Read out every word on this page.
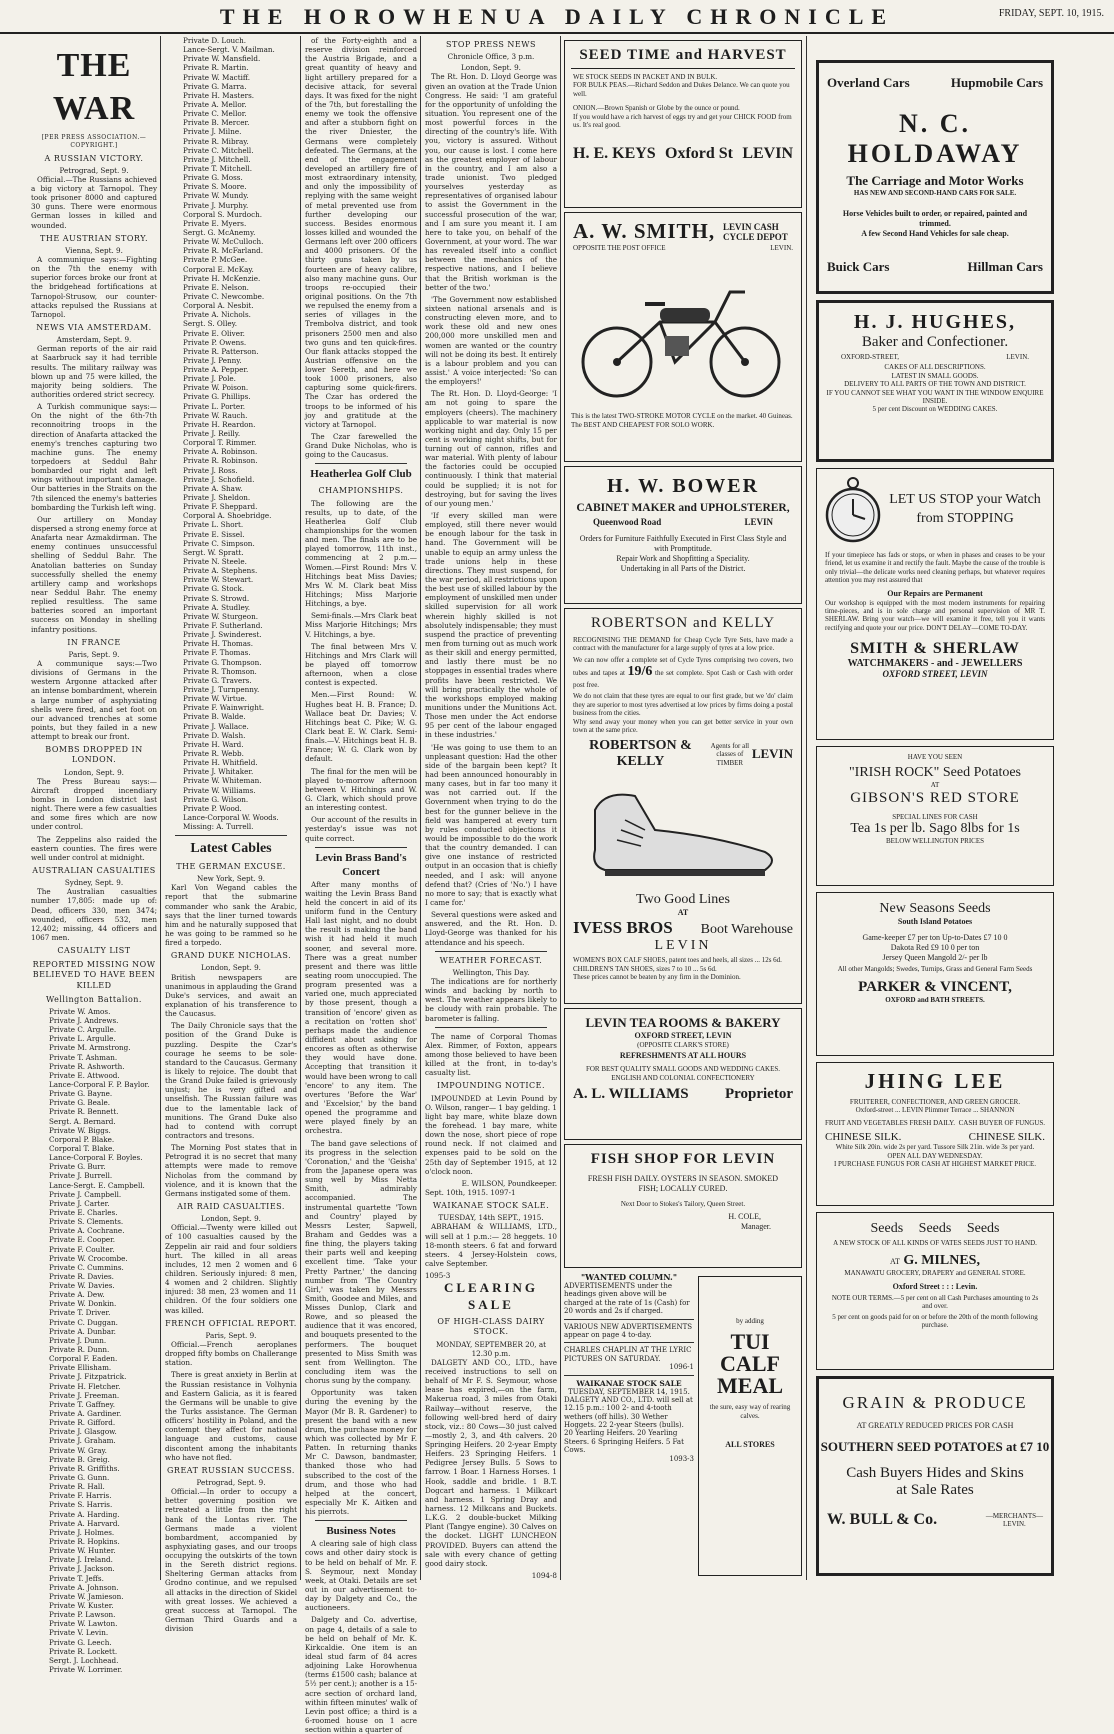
THE HOROWHENUA DAILY CHRONICLE	FRIDAY, SEPT. 10, 1915.
THE WAR
[PER PRESS ASSOCIATION.—COPYRIGHT.]
A RUSSIAN VICTORY.
Petrograd, Sept. 9.

Official.—The Russians achieved a big victory at Tarnopol. They took prisoner 8000 and captured 30 guns. There were enormous German losses in killed and wounded.

THE AUSTRIAN STORY.
Vienna, Sept. 9.

A communique says:—Fighting on the 7th the enemy with superior forces broke our front at the bridgehead fortifications at Tarnopol-Strusow, our counter-attacks repulsed the Russians at Tarnopol.

NEWS VIA AMSTERDAM.
Amsterdam, Sept. 9.

German reports of the air raid at Saarbruck say it had terrible results. The military railway was blown up and 75 were killed, the majority being soldiers. The authorities ordered strict secrecy.

A Turkish communique says:—On the night of the 6th-7th reconnoitring troops in the direction of Anafarta attacked the enemy's trenches capturing two machine guns. The enemy torpedoers at Seddul Bahr bombarded our right and left wings without important damage. Our batteries in the Straits on the 7th silenced the enemy's batteries bombarding the Turkish left wing.

Our artillery on Monday dispersed a strong enemy force at Anafarta near Azmakdirman. The enemy continues unsuccessful shelling of Seddul Bahr. The Anatolian batteries on Sunday successfully shelled the enemy artillery camp and workshops near Seddul Bahr. The enemy replied resultless. The same batteries scored an important success on Monday in shelling infantry positions.

IN FRANCE
Paris, Sept. 9.

A communique says:—Two divisions of Germans in the western Argonne attacked after an intense bombardment, wherein a large number of asphyxiating shells were fired, and set foot on our advanced trenches at some points, but they failed in a new attempt to break our front.

BOMBS DROPPED IN LONDON.
London, Sept. 9.

The Press Bureau says:—Aircraft dropped incendiary bombs in London district last night. There were a few casualties and some fires which are now under control.

The Zeppelins also raided the eastern counties. The fires were well under control at midnight.

AUSTRALIAN CASUALTIES
Sydney, Sept. 9.

The Australian casualties number 17,805: made up of: Dead, officers 330, men 3474; wounded, officers 532, men 12,402; missing, 44 officers and 1067 men.

CASUALTY LIST
REPORTED MISSING NOW BELIEVED TO HAVE BEEN KILLED
Wellington Battalion.
Private W. Amos.
Private J. Andrews.
Private C. Argulle.
Private L. Argulle.
Private M. Armstrong.
Private T. Ashman.
Private R. Ashworth.
Private E. Attwood.
Lance-Corporal F. P. Baylor.
Private G. Bayne.
Private G. Beale.
Private R. Bennett.
Sergt. A. Bernard.
Private W. Biggs.
Corporal P. Blake.
Corporal T. Blake.
Lance-Corporal F. Boyles.
Private G. Burr.
Private J. Burrell.
Lance-Sergt. E. Campbell.
Private J. Campbell.
Private J. Carter.
Private E. Charles.
Private S. Clements.
Private A. Cochrane.
Private E. Cooper.
Private F. Coulter.
Private W. Crocombe.
Private C. Cummins.
Private R. Davies.
Private W. Davies.
Private A. Dew.
Private W. Donkin.
Private T. Driver.
Private C. Duggan.
Private A. Dunbar.
Private J. Dunn.
Private R. Dunn.
Corporal F. Eaden.
Private Ellisham.
Private J. Fitzpatrick.
Private H. Fletcher.
Private J. Freeman.
Private T. Gaffney.
Private A. Gardiner.
Private R. Gifford.
Private J. Glasgow.
Private J. Graham.
Private W. Gray.
Private B. Greig.
Private R. Griffiths.
Private G. Gunn.
Private R. Hall.
Private F. Harris.
Private S. Harris.
Private A. Harding.
Private A. Harvard.
Private J. Holmes.
Private R. Hopkins.
Private W. Hunter.
Private J. Ireland.
Private J. Jackson.
Private T. Jeffs.
Private A. Johnson.
Private W. Jamieson.
Private W. Kuster.
Private P. Lawson.
Private W. Lawton.
Private V. Levin.
Private G. Leech.
Private R. Lockett.
Sergt. J. Lochhead.
Private W. Lorrimer.
Private D. Louch.
Lance-Sergt. V. Mailman.
Private W. Mansfield.
Private R. Martin.
Private W. Mactiff.
Private G. Marra.
Private H. Masters.
Private A. Mellor.
Private C. Mellor.
Private B. Mercer.
Private J. Milne.
Private R. Mibray.
Private C. Mitchell.
Private J. Mitchell.
Private T. Mitchell.
Private G. Moss.
Private S. Moore.
Private W. Mundy.
Private J. Murphy.
Corporal S. Murdoch.
Private E. Myers.
Sergt. G. McAnemy.
Private W. McCulloch.
Private R. McFarland.
Private P. McGee.
Corporal E. McKay.
Private H. McKenzie.
Private E. Nelson.
Private C. Newcombe.
Corporal A. Nesbit.
Private A. Nichols.
Sergt. S. Olley.
Private E. Oliver.
Private P. Owens.
Private R. Patterson.
Private J. Penny.
Private A. Pepper.
Private J. Pole.
Private W. Poison.
Private G. Phillips.
Private L. Porter.
Private W. Rauch.
Private H. Reardon.
Private J. Reilly.
Corporal T. Rimmer.
Private A. Robinson.
Private R. Robinson.
Private J. Ross.
Private J. Schofield.
Private A. Shaw.
Private J. Sheldon.
Private F. Sheppard.
Corporal A. Shoebridge.
Private L. Short.
Private E. Sissel.
Private C. Simpson.
Sergt. W. Spratt.
Private N. Steele.
Private A. Stephens.
Private W. Stewart.
Private G. Stock.
Private S. Strowd.
Private A. Studley.
Private W. Sturgeon.
Private F. Sutherland.
Private J. Swinderest.
Private H. Thomas.
Private F. Thomas.
Private G. Thompson.
Private R. Thomson.
Private G. Travers.
Private J. Turnpenny.
Private W. Virtue.
Private F. Wainwright.
Private B. Walde.
Private J. Wallace.
Private D. Walsh.
Private H. Ward.
Private R. Webb.
Private H. Whitfield.
Private J. Whitaker.
Private W. Whiteman.
Private W. Williams.
Private G. Wilson.
Private P. Wood.
Lance-Corporal W. Woods.
Missing: A. Turrell.
Latest Cables
THE GERMAN EXCUSE.
New York, Sept. 9.

Karl Von Wegand cables the report that the submarine commander who sank the Arabic, says that the liner turned towards him and he naturally supposed that he was going to be rammed so he fired a torpedo.

GRAND DUKE NICHOLAS.
London, Sept. 9.

British newspapers are unanimous in applauding the Grand Duke's services, and await an explanation of his transference to the Caucasus.

The Daily Chronicle says that the position of the Grand Duke is puzzling. Despite the Czar's courage he seems to be sole-standard to the Caucasus. Germany is likely to rejoice. The doubt that the Grand Duke failed is grievously unjust; he is very gifted and unselfish. The Russian failure was due to the lamentable lack of munitions. The Grand Duke also had to contend with corrupt contractors and tresons.

The Morning Post states that in Petrograd it is no secret that many attempts were made to remove Nicholas from the command by violence, and it is known that the Germans instigated some of them.

AIR RAID CASUALTIES.
London, Sept. 9.

Official.—Twenty were killed out of 100 casualties caused by the Zeppelin air raid and four soldiers hurt. The killed in all areas includes, 12 men 2 women and 6 children. Seriously injured: 8 men, 4 women and 2 children. Slightly injured: 38 men, 23 women and 11 children. Of the four soldiers one was killed.

FRENCH OFFICIAL REPORT.
Paris, Sept. 9.

Official.—French aeroplanes dropped fifty bombs on Challerange station.

There is great anxiety in Berlin at the Russian resistance in Volhynia and Eastern Galicia, as it is feared the Germans will be unable to give the Turks assistance. The German officers' hostility in Poland, and the contempt they affect for national language and customs, cause discontent among the inhabitants who have not fled.

GREAT RUSSIAN SUCCESS.
Petrograd, Sept. 9.

Official.—In order to occupy a better governing position we retreated a little from the right bank of the Lontas river. The Germans made a violent bombardment, accompanied by asphyxiating gases, and our troops occupying the outskirts of the town in the Sereth district regions. Sheltering German attacks from Grodno continue, and we repulsed all attacks in the direction of Skidel with great losses. We achieved a great success at Tarnopol. The German Third Guards and a division

of the Forty-eighth and a reserve division reinforced the Austria Brigade, and a great quantity of heavy and light artillery prepared for a decisive attack, for several days. It was fixed for the night of the 7th, but forestalling the enemy we took the offensive and after a stubborn fight on the river Dniester, the Germans were completely defeated. The Germans, at the end of the engagement developed an artillery fire of most extraordinary intensity, and only the impossibility of replying with the same weight of metal prevented use from further developing our success. Besides enormous losses killed and wounded the Germans left over 200 officers and 4000 prisoners. Of the thirty guns taken by us fourteen are of heavy calibre, also many machine guns. Our troops re-occupied their original positions. On the 7th we repulsed the enemy from a series of villages in the Trembolva district, and took prisoners 2500 men and also two guns and ten quick-fires. Our flank attacks stopped the Austrian offensive on the lower Sereth, and here we took 1000 prisoners, also capturing some quick-firers. The Czar has ordered the troops to be informed of his joy and gratitude at the victory at Tarnopol.

The Czar farewelled the Grand Duke Nicholas, who is going to the Caucasus.

Heatherlea Golf Club
CHAMPIONSHIPS.

The following are the results, up to date, of the Heatherlea Golf Club championships for the women and men. The finals are to be played tomorrow, 11th inst., commencing at 2 p.m.— Women.—First Round: Mrs V. Hitchings beat Miss Davies; Mrs W. M. Clark beat Miss Hitchings; Miss Marjorie Hitchings, a bye.

Semi-finals.—Mrs Clark beat Miss Marjorie Hitchings; Mrs V. Hitchings, a bye.

The final between Mrs V. Hitchings and Mrs Clark will be played off tomorrow afternoon, when a close contest is expected.

Men.—First Round: W. Hughes beat H. B. France; D. Wallace beat Dr. Davies; V. Hitchings beat C. Pike; W. G. Clark beat E. W. Clark. Semi-finals.—V. Hitchings beat H. B. France; W. G. Clark won by default.

The final for the men will be played to-morrow afternoon between V. Hitchings and W. G. Clark, which should prove an interesting contest.

Our account of the results in yesterday's issue was not quite correct.

Levin Brass Band's Concert

After many months of waiting the Levin Brass Band held the concert in aid of its uniform fund in the Century Hall last night, and no doubt the result is making the band wish it had held it much sooner, and several more. There was a great number present and there was little seating room unoccupied. The program presented was a varied one, much appreciated by those present, though a transition of 'encore' given as a recitation on 'rotten shot' perhaps made the audience diffident about asking for encores as often as otherwise they would have done. Accepting that transition it would have been wrong to call 'encore' to any item. The overtures 'Before the War' and 'Excelsior,' by the band opened the programme and were played finely by an orchestra.

The band gave selections of its progress in the selection 'Coronation,' and the 'Geisha' from the Japanese opera was sung well by Miss Netta Smith, admirably accompanied. The instrumental quartette 'Town and Country' played by Messrs Lester, Sapwell, Braham and Geddes was a fine thing, the players taking their parts well and keeping excellent time. 'Take your Pretty Partner,' the dancing number from 'The Country Girl,' was taken by Messrs Smith, Goodee and Miles, and Misses Dunlop, Clark and Rowe, and so pleased the audience that it was encored, and bouquets presented to the performers. The bouquet presented to Miss Smith was sent from Wellington. The concluding item was the chorus sung by the company.

Opportunity was taken during the evening by the Mayor (Mr B. R. Gardener) to present the band with a new drum, the purchase money for which was collected by Mr F. Patten. In returning thanks Mr C. Dawson, bandmaster, thanked those who had subscribed to the cost of the drum, and those who had helped at the concert, especially Mr K. Aitken and his pierrots.

Business Notes

A clearing sale of high class cows and other dairy stock is to be held on behalf of Mr. F. S. Seymour, next Monday week, at Otaki. Details are set out in our advertisement to-day by Dalgety and Co., the auctioneers.

Dalgety and Co. advertise, on page 4, details of a sale to be held on behalf of Mr. K. Kirkcaldie. One item is an ideal stud farm of 84 acres adjoining Lake Horowhenua (terms £1500 cash; balance at 5½ per cent.); another is a 15-acre section of orchard land, within fifteen minutes' walk of Levin post office; a third is a 6-roomed house on 1 acre section within a quarter of

STOP PRESS NEWS
Chronicle Office, 3 p.m.
London, Sept. 9.

The Rt. Hon. D. Lloyd George was given an ovation at the Trade Union Congress. He said: 'I am grateful for the opportunity of unfolding the situation. You represent one of the most powerful forces in the directing of the country's life. With you, victory is assured. Without you, our cause is lost. I come here as the greatest employer of labour in the country, and I am also a trade unionist. Two pledged yourselves yesterday as representatives of organised labour to assist the Government in the successful prosecution of the war, and I am sure you meant it. I am here to take you, on behalf of the Government, at your word. The war has revealed itself into a conflict between the mechanics of the respective nations, and I believe that the British workman is the better of the two.'

'The Government now established sixteen national arsenals and is constructing eleven more, and to work these old and new ones 200,000 more unskilled men and women are wanted or the country will not be doing its best. It entirely is a labour problem and you can assist.' A voice interjected: 'So can the employers!'

The Rt. Hon. D. Lloyd-George: 'I am not going to spare the employers (cheers). The machinery applicable to war material is now working night and day. Only 15 per cent is working night shifts, but for turning out of cannon, rifles and war material. With plenty of labour the factories could be occupied continuously. I think that material could be supplied; it is not for destroying, but for saving the lives of our young men.'

'If every skilled man were employed, still there never would be enough labour for the task in hand. The Government will be unable to equip an army unless the trade unions help in these directions. They must suspend, for the war period, all restrictions upon the best use of skilled labour by the employment of unskilled men under skilled supervision for all work wherein highly skilled is not absolutely indispensable; they must suspend the practice of preventing men from turning out as much work as their skill and energy permitted, and lastly there must be no stoppages in essential trades where profits have been restricted. We will bring practically the whole of the workshops employed making munitions under the Munitions Act. Those men under the Act endorse 95 per cent of the labour engaged in these industries.'

'He was going to use them to an unpleasant question: Had the other side of the bargain been kept? It had been announced honourably in many cases, but in far too many it was not carried out. If the Government when trying to do the best for the gunner believe in the field was hampered at every turn by rules conducted objections it would be impossible to do the work that the country demanded. I can give one instance of restricted output in an occasion that is chiefly needed, and I ask: will anyone defend that? (Cries of 'No.') I have no more to say; that is exactly what I came for.'

Several questions were asked and answered, and the Rt. Hon. D. Lloyd-George was thanked for his attendance and his speech.

WEATHER FORECAST.
Wellington, This Day.

The indications are for northerly winds and backing by north to west. The weather appears likely to be cloudy with rain probable. The barometer is falling.

The name of Corporal Thomas Alex. Rimmer, of Foxton, appears among those believed to have been killed at the front, in to-day's casualty list.

IMPOUNDING NOTICE.

IMPOUNDED at Levin Pound by O. Wilson, ranger— 1 bay gelding. 1 light bay mare, white blaze down the forehead. 1 bay mare, white down the nose, short piece of rope round neck. If not claimed and expenses paid to be sold on the 25th day of September 1915, at 12 o'clock noon.

E. WILSON, Poundkeeper.
Sept. 10th, 1915. 1097-1
WAIKANAE STOCK SALE.
TUESDAY, 14th SEPT., 1915.

ABRAHAM & WILLIAMS, LTD., will sell at 1 p.m.:— 28 heggets. 10 18-month steers. 6 fat and forward steers. 4 Jersey-Holstein cows, calve September.

1095-3
CLEARING SALE
OF HIGH-CLASS DAIRY STOCK.
MONDAY, SEPTEMBER 20, at 12.30 p.m.

DALGETY AND CO., LTD., have received instructions to sell on behalf of Mr F. S. Seymour, whose lease has expired,—on the farm, Makerua road, 3 miles from Otaki Railway—without reserve, the following well-bred herd of dairy stock, viz.: 80 Cows—30 just calved—mostly 2, 3, and 4th calvers. 20 Springing Heifers. 20 2-year Empty Heifers. 23 Springing Heifers. 1 Pedigree Jersey Bulls. 5 Sows to farrow. 1 Boar. 1 Harness Horses. 1 Hook, saddle and bridle. 1 B.T. Dogcart and harness. 1 Milkcart and harness. 1 Spring Dray and harness. 12 Milkcans and Buckets. L.K.G. 2 double-bucket Milking Plant (Tangye engine). 30 Calves on the docket. LIGHT LUNCHEON PROVIDED. Buyers can attend the sale with every chance of getting good dairy stock.

1094-8
SEED TIME and HARVEST
WE STOCK SEEDS IN PACKET AND IN BULK.
FOR BULK PEAS.—Richard Seddon and Dukes Delance. We can quote you well.
ONION.—Brown Spanish or Globe by the ounce or pound.
If you would have a rich harvest of eggs try and get your CHICK FOOD from us. It's real good.
H. E. KEYS Oxford St LEVIN
A. W. SMITH, LEVIN CASH CYCLE DEPOT
OPPOSITE THE POST OFFICE	LEVIN.
This is the latest TWO-STROKE MOTOR CYCLE on the market. 40 Guineas. The BEST AND CHEAPEST FOR SOLO WORK.
H. W. BOWER
CABINET MAKER and UPHOLSTERER,
Queenwood Road	LEVIN
Orders for Furniture Faithfully Executed in First Class Style and with Promptitude.
Repair Work and Shopfitting a Speciality.
Undertaking in all Parts of the District.
ROBERTSON and KELLY
RECOGNISING THE DEMAND for Cheap Cycle Tyre Sets, have made a contract with the manufacturer for a large supply of tyres at a low price.
We can now offer a complete set of Cycle Tyres comprising two covers, two tubes and tapes at 19/6 the set complete. Spot Cash or Cash with order post free.
We do not claim that these tyres are equal to our first grade, but we 'do' claim they are superior to most tyres advertised at low prices by firms doing a postal business from the cities.
Why send away your money when you can get better service in your own town at the same price.
ROBERTSON & KELLY
Agents for all classes of TIMBER
LEVIN
Two Good Lines
AT
IVESS BROS Boot Warehouse
LEVIN
WOMEN'S BOX CALF SHOES, patent toes and heels, all sizes ... 12s 6d.
CHILDREN'S TAN SHOES, sizes 7 to 10 ... 5s 6d.
These prices cannot be beaten by any firm in the Dominion.
LEVIN TEA ROOMS & BAKERY
OXFORD STREET, LEVIN
(OPPOSITE CLARK'S STORE)
REFRESHMENTS AT ALL HOURS
FOR BEST QUALITY SMALL GOODS AND WEDDING CAKES. ENGLISH AND COLONIAL CONFECTIONERY
A. L. WILLIAMS Proprietor
FISH SHOP FOR LEVIN
FRESH FISH DAILY. OYSTERS IN SEASON. SMOKED FISH; LOCALLY CURED.
Next Door to Stokes's Tailory, Queen Street.
H. COLE,
Manager.
"WANTED COLUMN."
ADVERTISEMENTS under the headings given above will be charged at the rate of 1s (Cash) for 20 words and 2s if charged.
VARIOUS NEW ADVERTISEMENTS appear on page 4 to-day.
CHARLES CHAPLIN AT THE LYRIC PICTURES ON SATURDAY.
1096-1
WAIKANAE STOCK SALE
TUESDAY, SEPTEMBER 14, 1915.
DALGETY AND CO., LTD. will sell at 12.15 p.m.: 100 2- and 4-tooth wethers (off hills). 30 Wether Hoggets. 22 2-year Steers (bulls). 20 Yearling Heifers. 20 Yearling Steers. 6 Springing Heifers. 5 Fat Cows.
1093-3
by adding
TUI CALF MEAL
the sure, easy way of rearing calves.
ALL STORES
Overland Cars	Hupmobile Cars
N. C. HOLDAWAY
The Carriage and Motor Works
HAS NEW AND SECOND-HAND CARS FOR SALE.
Horse Vehicles built to order, or repaired, painted and trimmed.
A few Second Hand Vehicles for sale cheap.
Buick Cars	Hillman Cars
H. J. HUGHES,
Baker and Confectioner.
OXFORD-STREET,	LEVIN.
CAKES OF ALL DESCRIPTIONS.
LATEST IN SMALL GOODS.
DELIVERY TO ALL PARTS OF THE TOWN AND DISTRICT.
IF YOU CANNOT SEE WHAT YOU WANT IN THE WINDOW ENQUIRE INSIDE.
5 per cent Discount on WEDDING CAKES.
LET US STOP your Watch from STOPPING
If your timepiece has fads or stops, or when in phases and ceases to be your friend, let us examine it and rectify the fault. Maybe the cause of the trouble is only trivial—the delicate works need cleaning perhaps, but whatever requires attention you may rest assured that
Our Repairs are Permanent
Our workshop is equipped with the most modern instruments for repairing time-pieces, and is in sole charge and personal supervision of MR T. SHERLAW. Bring your watch—we will examine it free, tell you it wants rectifying and quote your our price. DON'T DELAY—COME TO-DAY.
SMITH & SHERLAW
WATCHMAKERS - and - JEWELLERS
OXFORD STREET, LEVIN
HAVE YOU SEEN
"IRISH ROCK" Seed Potatoes
AT
GIBSON'S RED STORE
SPECIAL LINES FOR CASH
Tea 1s per lb. Sago 8lbs for 1s
BELOW WELLINGTON PRICES
New Seasons Seeds
South Island Potatoes
Game-keeper £7 per ton Up-to-Dates £7 10 0
Dakota Red £9 10 0 per ton
Jersey Queen Mangold 2/- per lb
All other Mangolds; Swedes, Turnips, Grass and General Farm Seeds
PARKER & VINCENT,
OXFORD and BATH STREETS.
JHING LEE
FRUITERER, CONFECTIONER, AND GREEN GROCER.
Oxford-street ... LEVIN Plimmer Terrace ... SHANNON
FRUIT AND VEGETABLES FRESH DAILY. CASH BUYER OF FUNGUS.
CHINESE SILK.	CHINESE SILK.
White Silk 20in. wide 2s per yard. Tussore Silk 21in. wide 3s per yard.
OPEN ALL DAY WEDNESDAY.
I PURCHASE FUNGUS FOR CASH AT HIGHEST MARKET PRICE.
Seeds Seeds Seeds
A NEW STOCK OF ALL KINDS OF VATES SEEDS JUST TO HAND.
AT G. MILNES,
MANAWATU GROCERY, DRAPERY and GENERAL STORE.
Oxford Street : : : Levin.
NOTE OUR TERMS.—5 per cent on all Cash Purchases amounting to 2s and over.
5 per cent on goods paid for on or before the 20th of the month following purchase.
GRAIN & PRODUCE
AT GREATLY REDUCED PRICES FOR CASH
SOUTHERN SEED POTATOES at £7 10
Cash Buyers Hides and Skins
at Sale Rates
W. BULL & Co.	—MERCHANTS—
LEVIN.
